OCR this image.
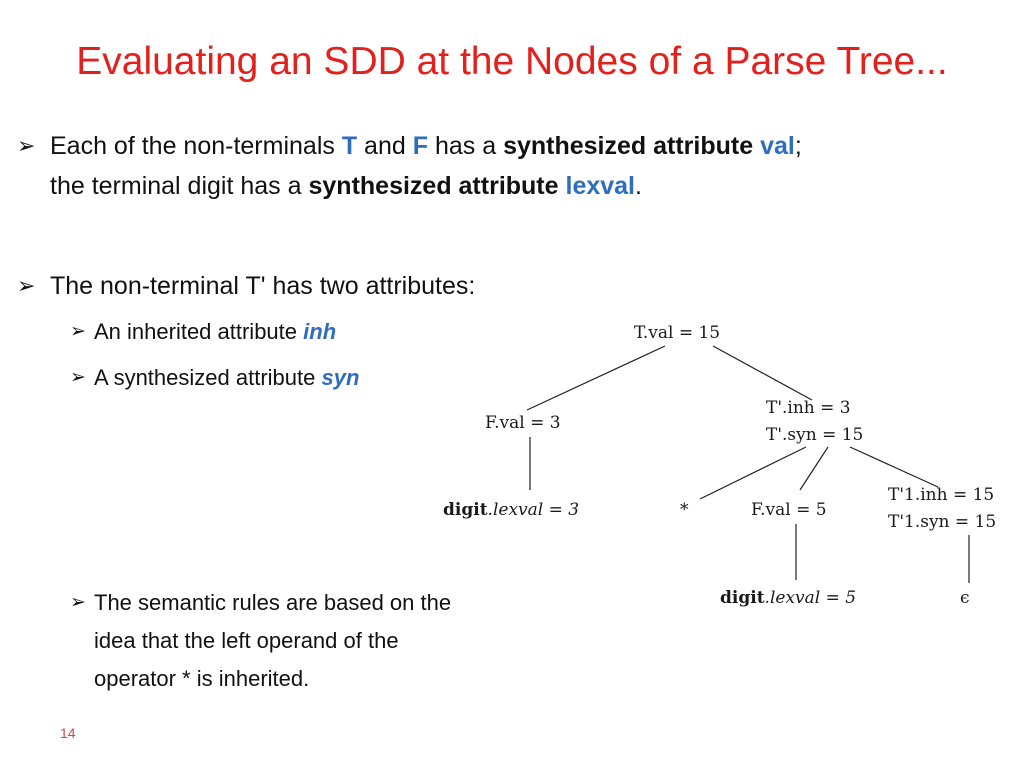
Evaluating an SDD at the Nodes of a Parse Tree...
➢ Each of the non-terminals T and F has a synthesized attribute val;
the terminal digit has a synthesized attribute lexval.
➢ The non-terminal T' has two attributes:
➢ An inherited attribute inh
➢ A synthesized attribute syn
➢ The semantic rules are based on the
idea that the left operand of the
operator * is inherited.
T.val = 15
F.val = 3
T'.inh = 3
T'.syn = 15
digit.lexval = 3	*	F.val = 5
T'1.inh = 15
T'1.syn = 15
digit.lexval = 5	ϵ
14
